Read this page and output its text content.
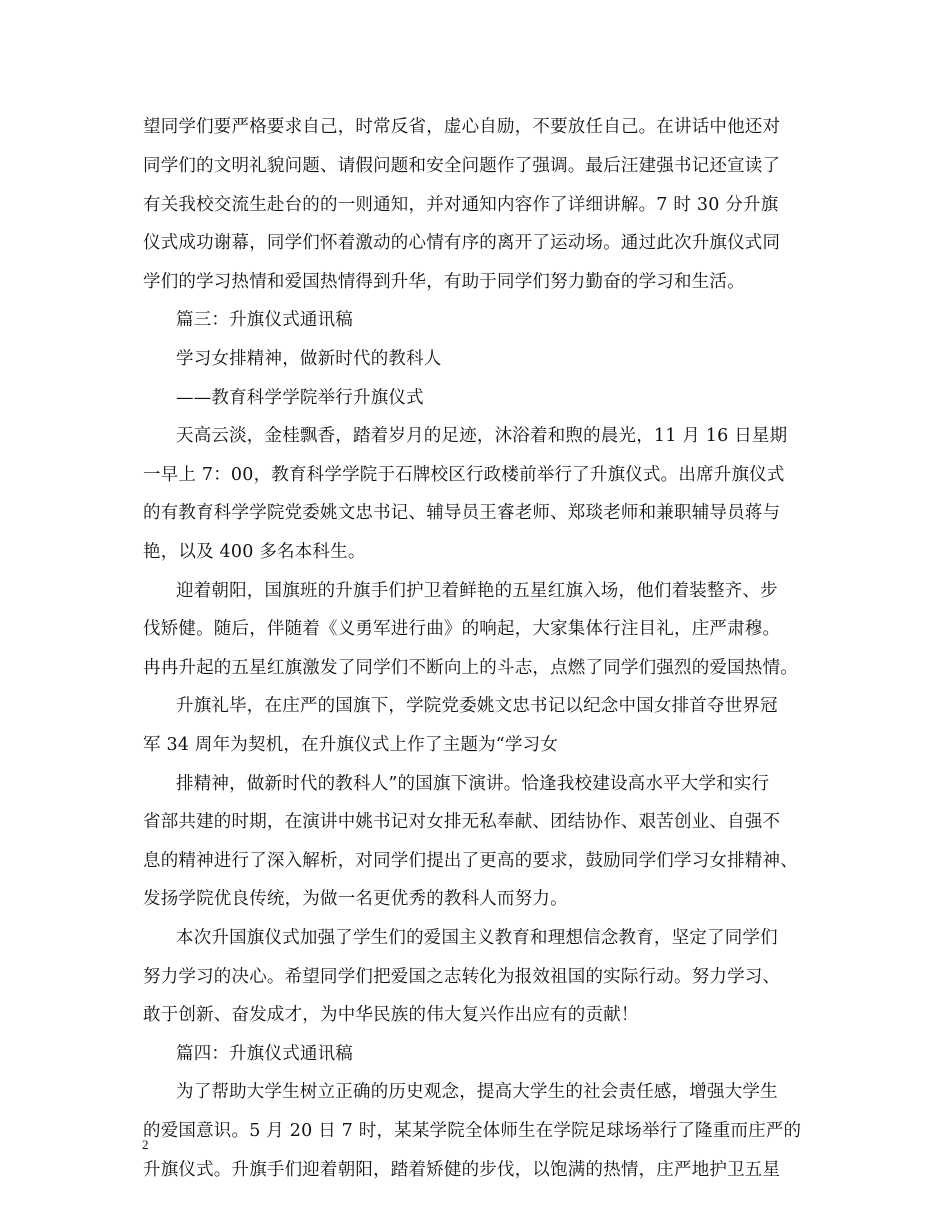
望同学们要严格要求自己，时常反省，虚心自励，不要放任自己。在讲话中他还对
同学们的文明礼貌问题、请假问题和安全问题作了强调。最后汪建强书记还宣读了
有关我校交流生赴台的的一则通知，并对通知内容作了详细讲解。7 时 30 分升旗
仪式成功谢幕，同学们怀着激动的心情有序的离开了运动场。通过此次升旗仪式同
学们的学习热情和爱国热情得到升华，有助于同学们努力勤奋的学习和生活。
篇三：升旗仪式通讯稿
学习女排精神，做新时代的教科人
——教育科学学院举行升旗仪式
天高云淡，金桂飘香，踏着岁月的足迹，沐浴着和煦的晨光，11 月 16 日星期
一早上 7：00，教育科学学院于石牌校区行政楼前举行了升旗仪式。出席升旗仪式
的有教育科学学院党委姚文忠书记、辅导员王睿老师、郑琰老师和兼职辅导员蒋与
艳，以及 400 多名本科生。
迎着朝阳，国旗班的升旗手们护卫着鲜艳的五星红旗入场，他们着装整齐、步
伐矫健。随后，伴随着《义勇军进行曲》的响起，大家集体行注目礼，庄严肃穆。
冉冉升起的五星红旗激发了同学们不断向上的斗志，点燃了同学们强烈的爱国热情。
升旗礼毕，在庄严的国旗下，学院党委姚文忠书记以纪念中国女排首夺世界冠
军 34 周年为契机，在升旗仪式上作了主题为“学习女
排精神，做新时代的教科人”的国旗下演讲。恰逢我校建设高水平大学和实行
省部共建的时期，在演讲中姚书记对女排无私奉献、团结协作、艰苦创业、自强不
息的精神进行了深入解析，对同学们提出了更高的要求，鼓励同学们学习女排精神、
发扬学院优良传统，为做一名更优秀的教科人而努力。
本次升国旗仪式加强了学生们的爱国主义教育和理想信念教育，坚定了同学们
努力学习的决心。希望同学们把爱国之志转化为报效祖国的实际行动。努力学习、
敢于创新、奋发成才，为中华民族的伟大复兴作出应有的贡献！
篇四：升旗仪式通讯稿
为了帮助大学生树立正确的历史观念，提高大学生的社会责任感，增强大学生
的爱国意识。5 月 20 日 7 时，某某学院全体师生在学院足球场举行了隆重而庄严的
升旗仪式。升旗手们迎着朝阳，踏着矫健的步伐，以饱满的热情，庄严地护卫五星
2
